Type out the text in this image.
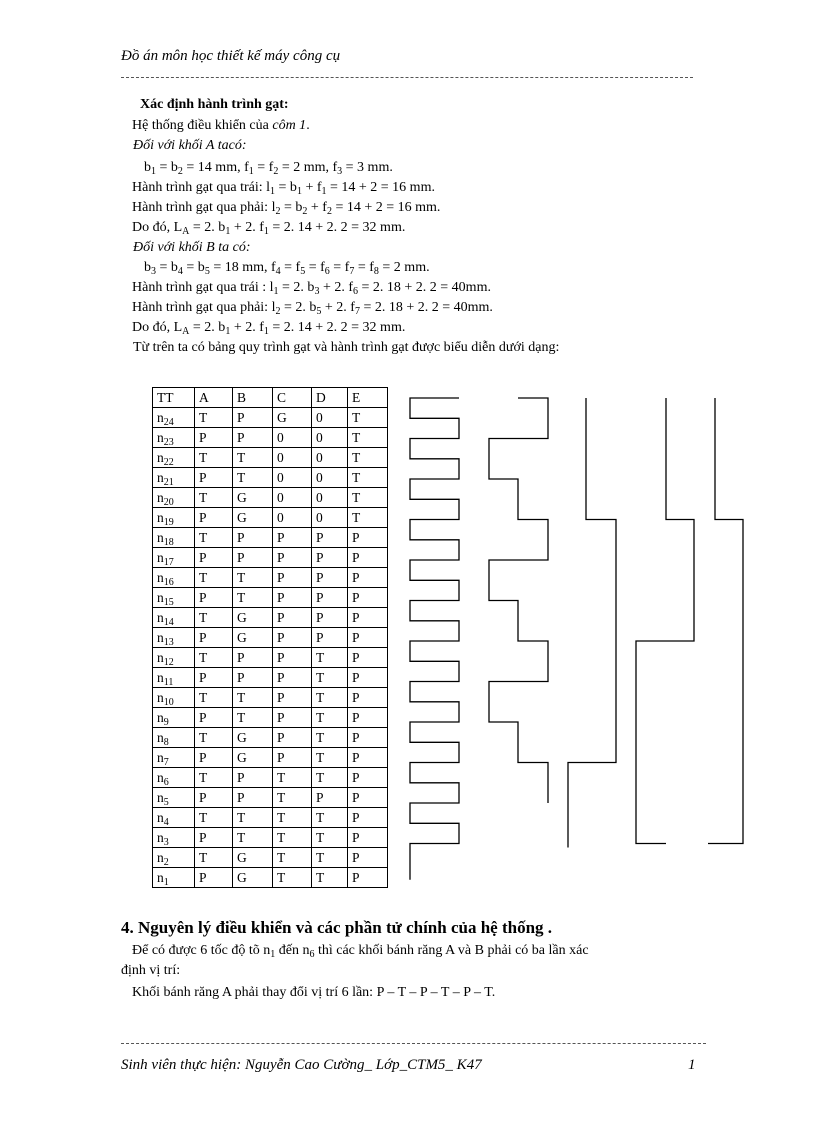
Đồ án môn học thiết kế máy công cụ
Xác định hành trình gạt:
Hệ thống điều khiển của côm 1.
Đối với khối A tacó:
$b_1 = b_2 = 14$ mm, $f_1 = f_2 = 2$ mm, $f_3 = 3$ mm.
Hành trình gạt qua trái: $l_1 = b_1 + f_1 = 14 + 2 = 16$ mm.
Hành trình gạt qua phải: $l_2 = b_2 + f_2 = 14 + 2 = 16$ mm.
Do đó, $L_A = 2$. $b_1 + 2$. $f_1 = 2$. 14 + 2. 2 = 32 mm.
Đối với khối B ta có:
$b_3 = b_4 = b_5 = 18$ mm, $f_4 = f_5 = f_6 = f_7 = f_8 = 2$ mm.
Hành trình gạt qua trái : $l_1 = 2$. $b_3 + 2$. $f_6 = 2$. 18 + 2. 2 = 40mm.
Hành trình gạt qua phải: $l_2 = 2$. $b_5 + 2$. $f_7 = 2$. 18 + 2. 2 = 40mm.
Do đó, $L_A = 2$. $b_1 + 2$. $f_1 = 2$. 14 + 2. 2 = 32 mm.
Từ trên ta có bảng quy trình gạt và hành trình gạt được biểu diễn dưới dạng:
TT	A	B	C	D	E
$n_{24}$	T	P	G	0	T
$n_{23}$	P	P	0	0	T
$n_{22}$	T	T	0	0	T
$n_{21}$	P	T	0	0	T
$n_{20}$	T	G	0	0	T
$n_{19}$	P	G	0	0	T
$n_{18}$	T	P	P	P	P
$n_{17}$	P	P	P	P	P
$n_{16}$	T	T	P	P	P
$n_{15}$	P	T	P	P	P
$n_{14}$	T	G	P	P	P
$n_{13}$	P	G	P	P	P
$n_{12}$	T	P	P	T	P
$n_{11}$	P	P	P	T	P
$n_{10}$	T	T	P	T	P
$n_9$	P	T	P	T	P
$n_8$	T	G	P	T	P
$n_7$	P	G	P	T	P
$n_6$	T	P	T	T	P
$n_5$	P	P	T	P	P
$n_4$	T	T	T	T	P
$n_3$	P	T	T	T	P
$n_2$	T	G	T	T	P
$n_1$	P	G	T	T	P
4. Nguyên lý điều khiển và các phần tử chính của hệ thống .
Để có được 6 tốc độ tõ $n_1$ đến $n_6$ thì các khối bánh răng A và B phải có ba lần xác
định vị trí:
Khối bánh răng A phải thay đổi vị trí 6 lần: P – T – P – T – P – T.
Sinh viên thực hiện: Nguyễn Cao Cường_ Lớp_CTM5_ K47	1
